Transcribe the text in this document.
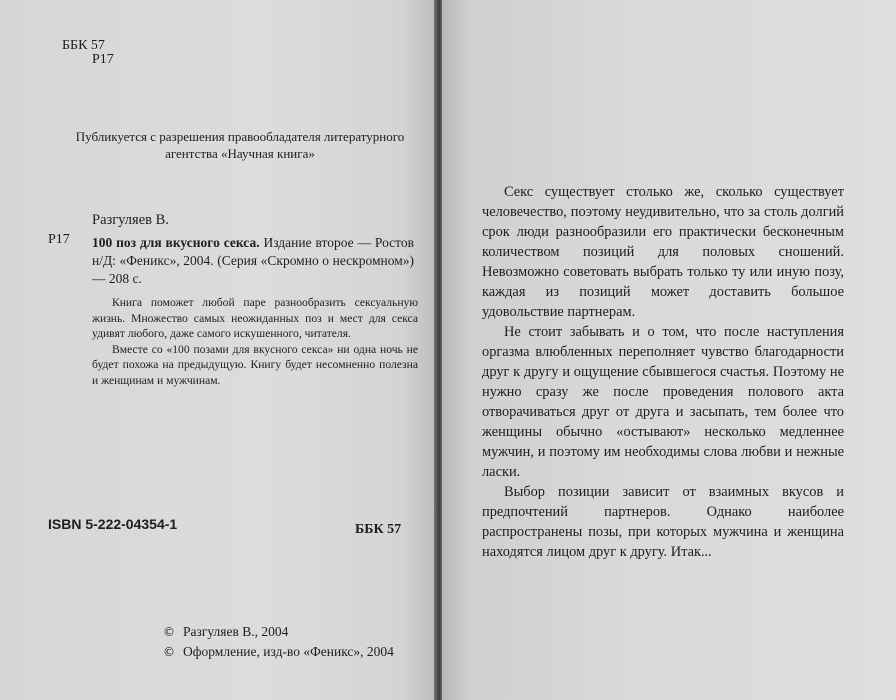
ББК 57
Р17
Публикуется с разрешения правообладателя литературного агентства «Научная книга»
Разгуляев В.
Р17 100 поз для вкусного секса. Издание второе — Ростов н/Д: «Феникс», 2004. (Серия «Скромно о нескромном») — 208 с.

Книга поможет любой паре разнообразить сексуальную жизнь. Множество самых неожиданных поз и мест для секса удивят любого, даже самого искушенного, читателя.

Вместе со «100 позами для вкусного секса» ни одна ночь не будет похожа на предыдущую. Книгу будет несомненно полезна и женщинам и мужчинам.

ISBN 5-222-04354-1	ББК 57
© Разгуляев В., 2004
© Оформление, изд-во «Феникс», 2004

Секс существует столько же, сколько существует человечество, поэтому неудивительно, что за столь долгий срок люди разнообразили его практически бесконечным количеством позиций для половых сношений. Невозможно советовать выбрать только ту или иную позу, каждая из позиций может доставить большое удовольствие партнерам.

Не стоит забывать и о том, что после наступления оргазма влюбленных переполняет чувство благодарности друг к другу и ощущение сбывшегося счастья. Поэтому не нужно сразу же после проведения полового акта отворачиваться друг от друга и засыпать, тем более что женщины обычно «остывают» несколько медленнее мужчин, и поэтому им необходимы слова любви и нежные ласки.

Выбор позиции зависит от взаимных вкусов и предпочтений партнеров. Однако наиболее распространены позы, при которых мужчина и женщина находятся лицом друг к другу. Итак...
